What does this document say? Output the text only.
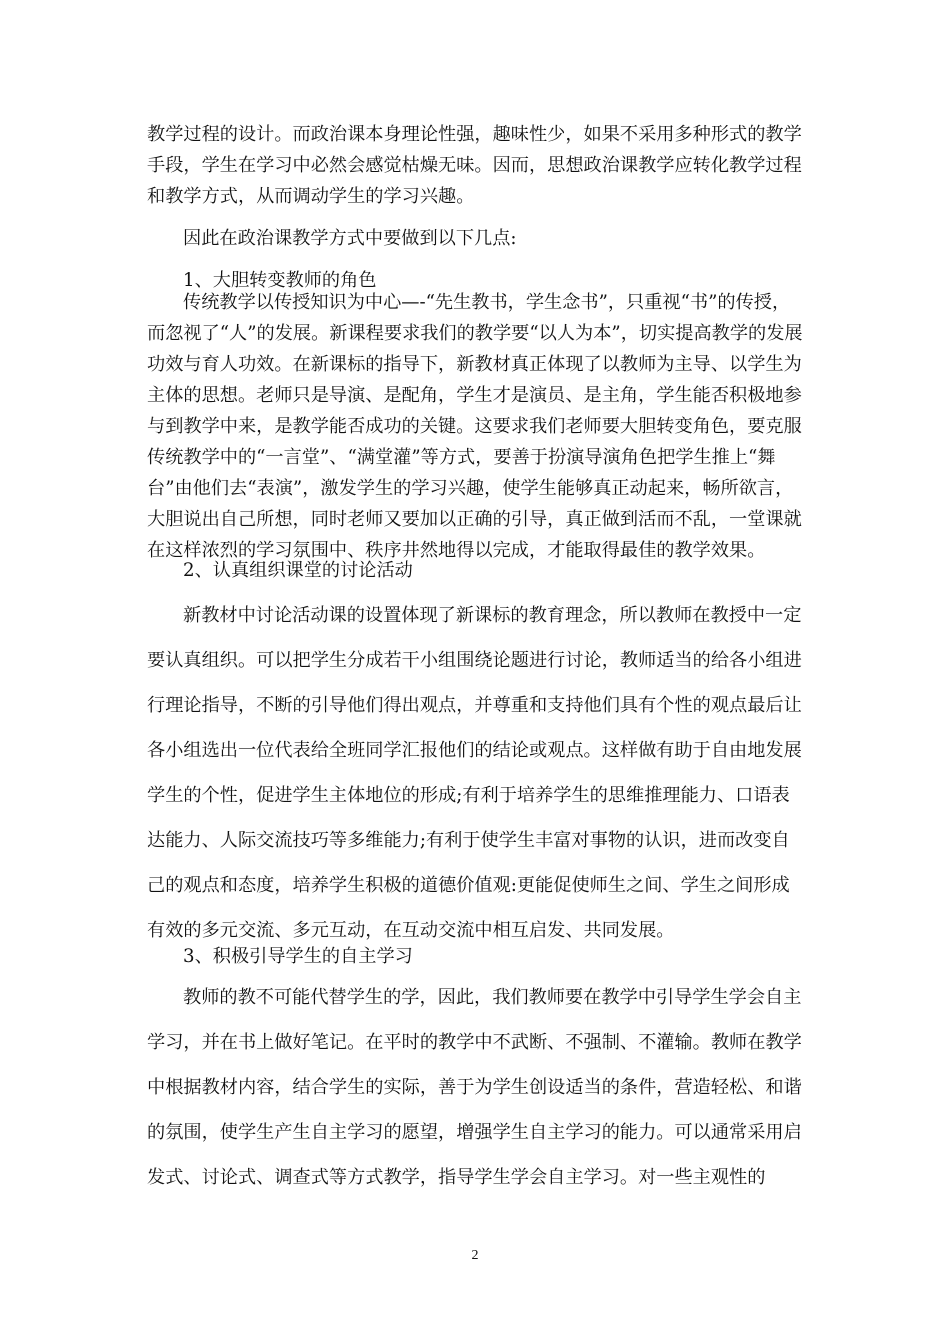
教学过程的设计。而政治课本身理论性强，趣味性少，如果不采用多种形式的教学手段，学生在学习中必然会感觉枯燥无味。因而，思想政治课教学应转化教学过程和教学方式，从而调动学生的学习兴趣。

因此在政治课教学方式中要做到以下几点:
1、大胆转变教师的角色

传统教学以传授知识为中心—-“先生教书，学生念书”，只重视“书”的传授，而忽视了“人”的发展。新课程要求我们的教学要“以人为本”，切实提高教学的发展功效与育人功效。在新课标的指导下，新教材真正体现了以教师为主导、以学生为主体的思想。老师只是导演、是配角，学生才是演员、是主角，学生能否积极地参与到教学中来，是教学能否成功的关键。这要求我们老师要大胆转变角色，要克服传统教学中的“一言堂”、“满堂灌”等方式，要善于扮演导演角色把学生推上“舞台”由他们去“表演”，激发学生的学习兴趣，使学生能够真正动起来，畅所欲言，大胆说出自己所想，同时老师又要加以正确的引导，真正做到活而不乱，一堂课就在这样浓烈的学习氛围中、秩序井然地得以完成，才能取得最佳的教学效果。

2、认真组织课堂的讨论活动

新教材中讨论活动课的设置体现了新课标的教育理念，所以教师在教授中一定要认真组织。可以把学生分成若干小组围绕论题进行讨论，教师适当的给各小组进行理论指导，不断的引导他们得出观点，并尊重和支持他们具有个性的观点最后让各小组选出一位代表给全班同学汇报他们的结论或观点。这样做有助于自由地发展学生的个性，促进学生主体地位的形成;有利于培养学生的思维推理能力、口语表达能力、人际交流技巧等多维能力;有利于使学生丰富对事物的认识，进而改变自己的观点和态度，培养学生积极的道德价值观:更能促使师生之间、学生之间形成有效的多元交流、多元互动，在互动交流中相互启发、共同发展。

3、积极引导学生的自主学习

教师的教不可能代替学生的学，因此，我们教师要在教学中引导学生学会自主学习，并在书上做好笔记。在平时的教学中不武断、不强制、不灌输。教师在教学中根据教材内容，结合学生的实际，善于为学生创设适当的条件，营造轻松、和谐的氛围，使学生产生自主学习的愿望，增强学生自主学习的能力。可以通常采用启发式、讨论式、调查式等方式教学，指导学生学会自主学习。对一些主观性的

2
